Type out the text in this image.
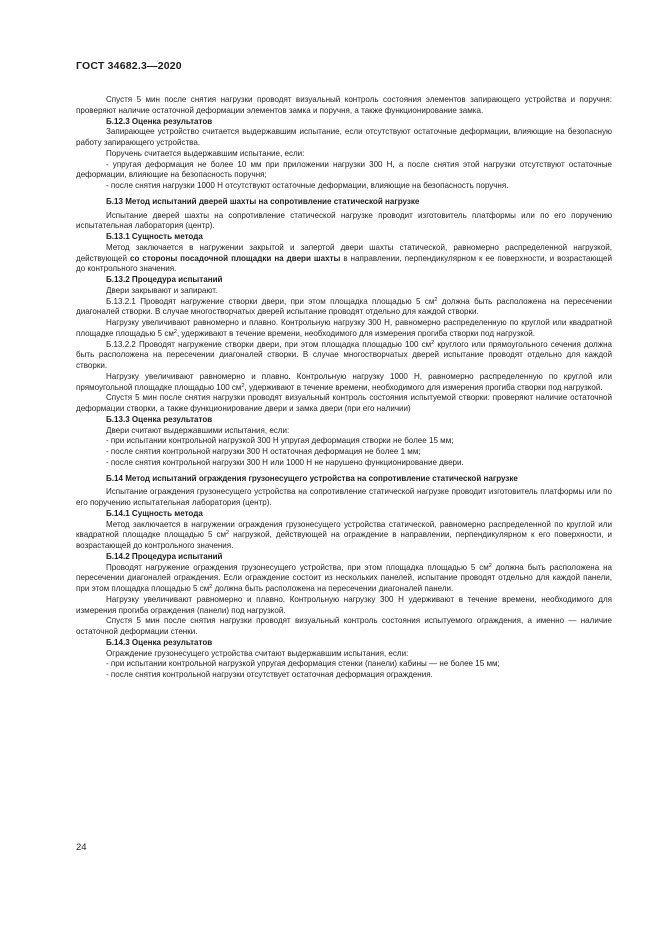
ГОСТ 34682.3—2020

Спустя 5 мин после снятия нагрузки проводят визуальный контроль состояния элементов запирающего устройства и поручня: проверяют наличие остаточной деформации элементов замка и поручня, а также функционирование замка.

Б.12.3 Оценка результатов

Запирающее устройство считается выдержавшим испытание, если отсутствуют остаточные деформации, влияющие на безопасную работу запирающего устройства.

Поручень считается выдержавшим испытание, если:

- упругая деформация не более 10 мм при приложении нагрузки 300 Н, а после снятия этой нагрузки отсутствуют остаточные деформации, влияющие на безопасность поручня;

- после снятия нагрузки 1000 Н отсутствуют остаточные деформации, влияющие на безопасность поручня.

Б.13 Метод испытаний дверей шахты на сопротивление статической нагрузке

Испытание дверей шахты на сопротивление статической нагрузке проводит изготовитель платформы или по его поручению испытательная лаборатория (центр).

Б.13.1 Сущность метода

Метод заключается в нагружении закрытой и запертой двери шахты статической, равномерно распределенной нагрузкой, действующей со стороны посадочной площадки на двери шахты в направлении, перпендикулярном к ее поверхности, и возрастающей до контрольного значения.

Б.13.2 Процедура испытаний

Двери закрывают и запирают.

Б.13.2.1 Проводят нагружение створки двери, при этом площадка площадью 5 $см^2$ должна быть расположена на пересечении диагоналей створки. В случае многостворчатых дверей испытание проводят отдельно для каждой створки.

Нагрузку увеличивают равномерно и плавно. Контрольную нагрузку 300 Н, равномерно распределенную по круглой или квадратной площадке площадью 5 $см^2$, удерживают в течение времени, необходимого для измерения прогиба створки под нагрузкой.

Б.13.2.2 Проводят нагружение створки двери, при этом площадка площадью 100 $см^2$ круглого или прямоугольного сечения должна быть расположена на пересечении диагоналей створки. В случае многостворчатых дверей испытание проводят отдельно для каждой створки.

Нагрузку увеличивают равномерно и плавно. Контрольную нагрузку 1000 Н, равномерно распределенную по круглой или прямоугольной площадке площадью 100 $см^2$, удерживают в течение времени, необходимого для измерения прогиба створки под нагрузкой.

Спустя 5 мин после снятия нагрузки проводят визуальный контроль состояния испытуемой створки: проверяют наличие остаточной деформации створки, а также функционирование двери и замка двери (при его наличии)

Б.13.3 Оценка результатов

Двери считают выдержавшими испытания, если:

- при испытании контрольной нагрузкой 300 Н упругая деформация створки не более 15 мм;

- после снятия контрольной нагрузки 300 Н остаточная деформация не более 1 мм;

- после снятия контрольной нагрузки 300 Н или 1000 Н не нарушено функционирование двери.

Б.14 Метод испытаний ограждения грузонесущего устройства на сопротивление статической нагрузке

Испытание ограждения грузонесущего устройства на сопротивление статической нагрузке проводит изготовитель платформы или по его поручению испытательная лаборатория (центр).

Б.14.1 Сущность метода

Метод заключается в нагружении ограждения грузонесущего устройства статической, равномерно распределенной по круглой или квадратной площадке площадью 5 $см^2$ нагрузкой, действующей на ограждение в направлении, перпендикулярном к его поверхности, и возрастающей до контрольного значения.

Б.14.2 Процедура испытаний

Проводят нагружение ограждения грузонесущего устройства, при этом площадка площадью 5 $см^2$ должна быть расположена на пересечении диагоналей ограждения. Если ограждение состоит из нескольких панелей, испытание проводят отдельно для каждой панели, при этом площадка площадью 5 $см^2$ должна быть расположена на пересечении диагоналей панели.

Нагрузку увеличивают равномерно и плавно. Контрольную нагрузку 300 Н удерживают в течение времени, необходимого для измерения прогиба ограждения (панели) под нагрузкой.

Спустя 5 мин после снятия нагрузки проводят визуальный контроль состояния испытуемого ограждения, а именно — наличие остаточной деформации стенки.

Б.14.3 Оценка результатов

Ограждение грузонесущего устройства считают выдержавшим испытания, если:

- при испытании контрольной нагрузкой упругая деформация стенки (панели) кабины — не более 15 мм;

- после снятия контрольной нагрузки отсутствует остаточная деформация ограждения.

24
